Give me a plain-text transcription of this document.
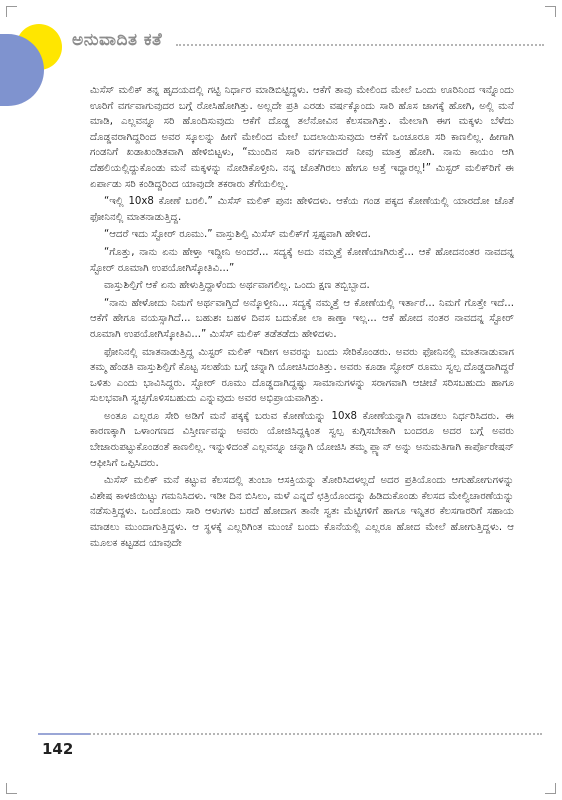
ಅನುವಾದಿತ ಕತೆ

ಮಿಸೆಸ್ ಮಲಿಕ್ ತನ್ನ ಹೃದಯದಲ್ಲಿ ಗಟ್ಟಿ ನಿರ್ಧಾರ ಮಾಡಿಬಿಟ್ಟಿದ್ದಳು. ಆಕೆಗೆ ತಾವು ಮೇಲಿಂದ ಮೇಲೆ ಒಂದು ಊರಿನಿಂದ ಇನ್ನೊಂದು ಊರಿಗೆ ವರ್ಗವಾಗುವುದರ ಬಗ್ಗೆ ರೋಸಿಹೋಗಿತ್ತು. ಅಲ್ಲದೇ ಪ್ರತಿ ಎರಡು ವರ್ಷಕ್ಕೊಂದು ಸಾರಿ ಹೊಸ ಜಾಗಕ್ಕೆ ಹೋಗಿ, ಅಲ್ಲಿ ಮನೆ ಮಾಡಿ, ಎಲ್ಲವನ್ನೂ ಸರಿ ಹೊಂದಿಸುವುದು ಆಕೆಗೆ ದೊಡ್ಡ ತಲೆನೋವಿನ ಕೆಲಸವಾಗಿತ್ತು. ಮೇಲಾಗಿ ಈಗ ಮಕ್ಕಳು ಬೆಳೆದು ದೊಡ್ಡವರಾಗಿದ್ದರಿಂದ ಅವರ ಸ್ಕೂಲನ್ನು ಹೀಗೆ ಮೇಲಿಂದ ಮೇಲೆ ಬದಲಾಯಿಸುವುದು ಆಕೆಗೆ ಒಂಚೂರೂ ಸರಿ ಕಾಣಲಿಲ್ಲ. ಹೀಗಾಗಿ ಗಂಡನಿಗೆ ಖಡಾಖಂಡಿತವಾಗಿ ಹೇಳಿಬಿಟ್ಟಳು, “ಮುಂದಿನ ಸಾರಿ ವರ್ಗವಾದರೆ ನೀವು ಮಾತ್ರ ಹೋಗಿ. ನಾನು ಕಾಯಂ ಆಗಿ ದೆಹಲಿಯಲ್ಲಿದ್ದುಕೊಂಡು ಮನೆ ಮಕ್ಕಳನ್ನು ನೋಡಿಕೊಳ್ತೀನಿ. ನನ್ನ ಜೊತೆಗಿರಲು ಹೇಗೂ ಅತ್ತೆ ಇದ್ದಾರಲ್ಲ!” ಮಿಸ್ಟರ್ ಮಲಿಕ್‌ರಿಗೆ ಈ ಏರ್ಪಾಡು ಸರಿ ಕಂಡಿದ್ದರಿಂದ ಯಾವುದೇ ತಕರಾರು ತೆಗೆಯಲಿಲ್ಲ.

“ಇಲ್ಲಿ 10x8 ಕೋಣೆ ಬರಲಿ.” ಮಿಸೆಸ್ ಮಲಿಕ್ ಪುನಃ ಹೇಳಿದಳು. ಆಕೆಯ ಗಂಡ ಪಕ್ಕದ ಕೋಣೆಯಲ್ಲಿ ಯಾರದೋ ಜೊತೆ ಫೋನಿನಲ್ಲಿ ಮಾತನಾಡುತ್ತಿದ್ದ.

“ಆದರೆ ಇದು ಸ್ಟೋರ್ ರೂಮು.” ವಾಸ್ತುಶಿಲ್ಪಿ ಮಿಸೆಸ್ ಮಲಿಕ್‌ಗೆ ಸ್ಪಷ್ಟವಾಗಿ ಹೇಳಿದ.

“ಗೊತ್ತು, ನಾನು ಏನು ಹೇಳ್ತಾ ಇದ್ದೀನಿ ಅಂದರೆ... ಸದ್ಯಕ್ಕೆ ಅದು ನಮ್ಮತ್ತೆ ಕೋಣೆಯಾಗಿರುತ್ತೆ... ಆಕೆ ಹೋದನಂತರ ನಾವದನ್ನ ಸ್ಟೋರ್ ರೂಮಾಗಿ ಉಪಯೋಗಿಸ್ಕೋತಿವಿ...”

ವಾಸ್ತುಶಿಲ್ಪಿಗೆ ಆಕೆ ಏನು ಹೇಳುತ್ತಿದ್ದಾಳೆಂದು ಅರ್ಥವಾಗಲಿಲ್ಲ. ಒಂದು ಕ್ಷಣ ತಬ್ಬಿಬ್ಬಾದ.

“ನಾನು ಹೇಳೋದು ನಿಮಗೆ ಅರ್ಥವಾಗ್ತಿದೆ ಅನ್ಕೊಳ್ತೀನಿ... ಸದ್ಯಕ್ಕೆ ನಮ್ಮತ್ತೆ ಆ ಕೋಣೆಯಲ್ಲಿ ಇರ್ತಾರೆ... ನಿಮಗೆ ಗೊತ್ತೇ ಇದೆ... ಆಕೆಗೆ ಹೇಗೂ ವಯಸ್ಸಾಗಿದೆ... ಬಹುಶಃ ಬಹಳ ದಿವಸ ಬದುಕೋ ಲಾ ಕಾಣ್ತಾ ಇಲ್ಲ... ಆಕೆ ಹೋದ ನಂತರ ನಾವದನ್ನ ಸ್ಟೋರ್ ರೂಮಾಗಿ ಉಪಯೋಗಿಸ್ಕೋತಿವಿ...” ಮಿಸೆಸ್ ಮಲಿಕ್ ತಡೆತಡೆದು ಹೇಳಿದಳು.

ಫೋನಿನಲ್ಲಿ ಮಾತನಾಡುತ್ತಿದ್ದ ಮಿಸ್ಟರ್ ಮಲಿಕ್ ಇದೀಗ ಅವರನ್ನು ಬಂದು ಸೇರಿಕೊಂಡರು. ಅವರು ಫೋನಿನಲ್ಲಿ ಮಾತನಾಡುವಾಗ ತಮ್ಮ ಹೆಂಡತಿ ವಾಸ್ತುಶಿಲ್ಪಿಗೆ ಕೊಟ್ಟ ಸಲಹೆಯ ಬಗ್ಗೆ ಚನ್ನಾಗಿ ಯೋಚಿಸಿದಂತಿತ್ತು. ಅವರು ಕೂಡಾ ಸ್ಟೋರ್ ರೂಮು ಸ್ವಲ್ಪ ದೊಡ್ಡದಾಗಿದ್ದರೆ ಒಳಿತು ಎಂದು ಭಾವಿಸಿದ್ದರು. ಸ್ಟೋರ್ ರೂಮು ದೊಡ್ಡದಾಗಿದ್ದಷ್ಟು ಸಾಮಾನುಗಳನ್ನು ಸರಾಗವಾಗಿ ಆಚೀಚೆ ಸರಿಸಬಹುದು ಹಾಗೂ ಸುಲಭವಾಗಿ ಸ್ವಚ್ಛಗೊಳಿಸಬಹುದು ಎನ್ನುವುದು ಅವರ ಅಭಿಪ್ರಾಯವಾಗಿತ್ತು.

ಅಂತೂ ಎಲ್ಲರೂ ಸೇರಿ ಅಡಿಗೆ ಮನೆ ಪಕ್ಕಕ್ಕೆ ಬರುವ ಕೋಣೆಯನ್ನು 10x8 ಕೋಣೆಯನ್ನಾಗಿ ಮಾಡಲು ನಿರ್ಧರಿಸಿದರು. ಈ ಕಾರಣಕ್ಕಾಗಿ ಒಳಾಂಗಣದ ವಿಸ್ತೀರ್ಣವನ್ನು ಅವರು ಯೋಜಿಸಿದ್ದಕ್ಕಿಂತ ಸ್ವಲ್ಪ ಕುಗ್ಗಿಸಬೇಕಾಗಿ ಬಂದರೂ ಅದರ ಬಗ್ಗೆ ಅವರು ಬೇಜಾರುಪಟ್ಟುಕೊಂಡಂತೆ ಕಾಣಲಿಲ್ಲ. ಇನ್ನುಳಿದಂತೆ ಎಲ್ಲವನ್ನೂ ಚನ್ನಾಗಿ ಯೋಜಿಸಿ ತಮ್ಮ ಪ್ಲ್ಯಾನ್ ಅನ್ನು ಅನುಮತಿಗಾಗಿ ಕಾರ್ಪೊರೇಷನ್ ಆಫೀಸಿಗೆ ಒಪ್ಪಿಸಿದರು.

ಮಿಸೆಸ್ ಮಲಿಕ್ ಮನೆ ಕಟ್ಟುವ ಕೆಲಸದಲ್ಲಿ ತುಂಬಾ ಆಸಕ್ತಿಯನ್ನು ತೋರಿಸಿದಳಲ್ಲದೆ ಅದರ ಪ್ರತಿಯೊಂದು ಆಗುಹೋಗುಗಳನ್ನು ವಿಶೇಷ ಕಾಳಜಿಯಿಟ್ಟು ಗಮನಿಸಿದಳು. ಇಡೀ ದಿನ ಬಿಸಿಲು, ಮಳೆ ಎನ್ನದೆ ಛತ್ರಿಯೊಂದನ್ನು ಹಿಡಿದುಕೊಂಡು ಕೆಲಸದ ಮೇಲ್ವಿಚಾರಣೆಯನ್ನು ನಡೆಸುತ್ತಿದ್ದಳು. ಒಂದೊಂದು ಸಾರಿ ಆಳುಗಳು ಬರದೆ ಹೋದಾಗ ತಾನೇ ಸ್ವತಃ ಮೆಟ್ಟಿಗಳಿಗೆ ಹಾಗೂ ಇನ್ನಿತರ ಕೆಲಸಗಾರರಿಗೆ ಸಹಾಯ ಮಾಡಲು ಮುಂದಾಗುತ್ತಿದ್ದಳು. ಆ ಸ್ಥಳಕ್ಕೆ ಎಲ್ಲರಿಗಿಂತ ಮುಂಚೆ ಬಂದು ಕೊನೆಯಲ್ಲಿ ಎಲ್ಲರೂ ಹೋದ ಮೇಲೆ ಹೋಗುತ್ತಿದ್ದಳು. ಆ ಮೂಲಕ ಕಟ್ಟಡದ ಯಾವುದೇ

142
